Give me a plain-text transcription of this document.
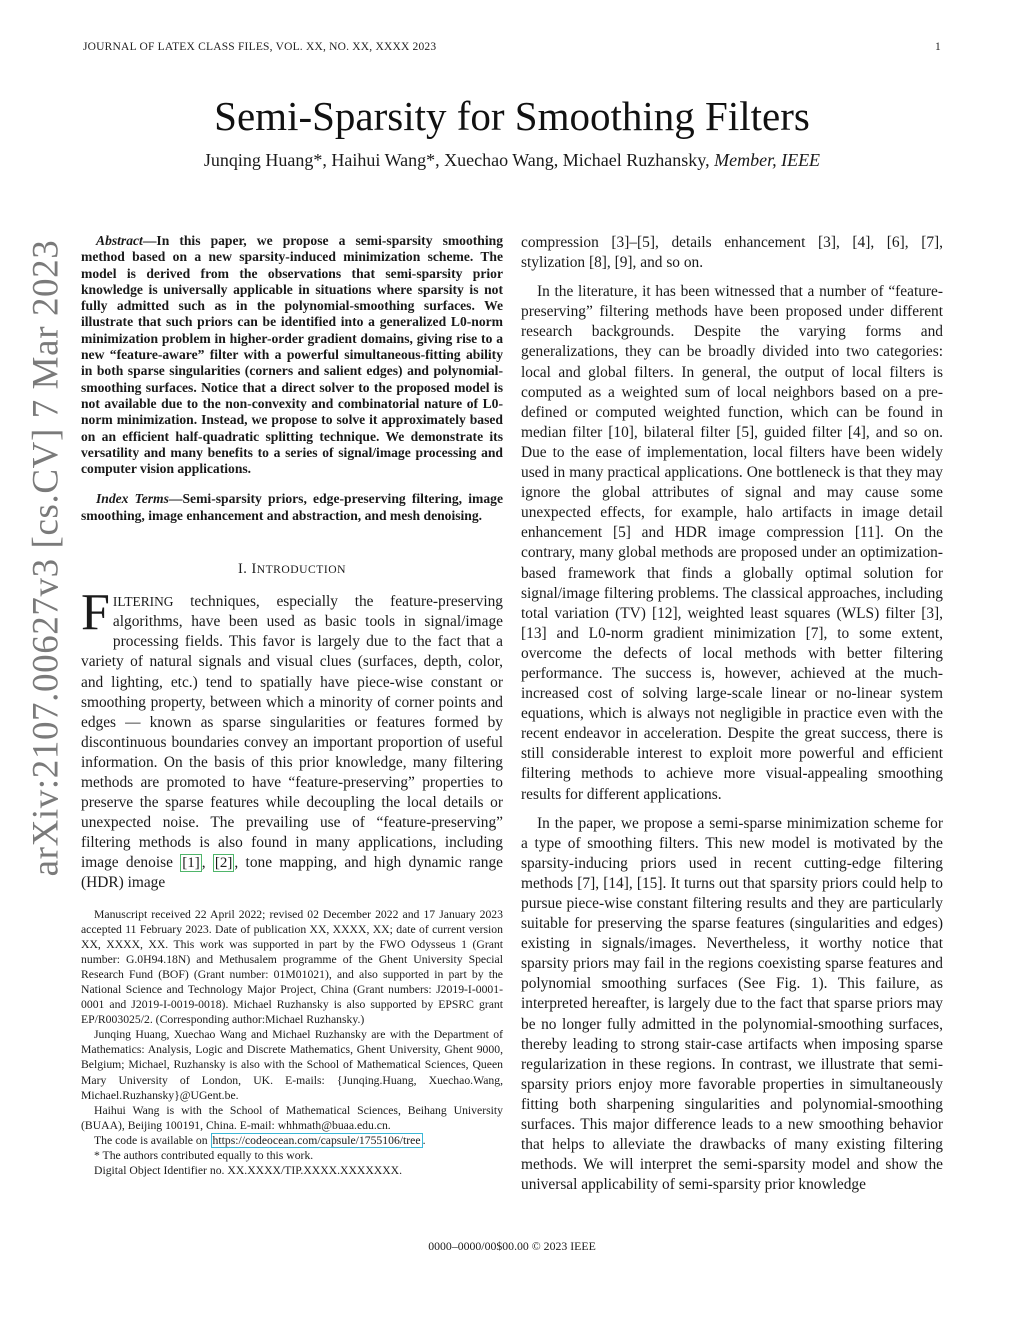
arXiv:2107.00627v3 [cs.CV] 7 Mar 2023
JOURNAL OF LATEX CLASS FILES, VOL. XX, NO. XX, XXXX 2023	1
Semi-Sparsity for Smoothing Filters
Junqing Huang*, Haihui Wang*, Xuechao Wang, Michael Ruzhansky, Member, IEEE

Abstract—In this paper, we propose a semi-sparsity smoothing method based on a new sparsity-induced minimization scheme. The model is derived from the observations that semi-sparsity prior knowledge is universally applicable in situations where sparsity is not fully admitted such as in the polynomial-smoothing surfaces. We illustrate that such priors can be identified into a generalized L0-norm minimization problem in higher-order gradient domains, giving rise to a new “feature-aware” filter with a powerful simultaneous-fitting ability in both sparse singularities (corners and salient edges) and polynomial-smoothing surfaces. Notice that a direct solver to the proposed model is not available due to the non-convexity and combinatorial nature of L0-norm minimization. Instead, we propose to solve it approximately based on an efficient half-quadratic splitting technique. We demonstrate its versatility and many benefits to a series of signal/image processing and computer vision applications.

Index Terms—Semi-sparsity priors, edge-preserving filtering, image smoothing, image enhancement and abstraction, and mesh denoising.

I. INTRODUCTION

FILTERING techniques, especially the feature-preserving algorithms, have been used as basic tools in signal/image processing fields. This favor is largely due to the fact that a variety of natural signals and visual clues (surfaces, depth, color, and lighting, etc.) tend to spatially have piece-wise constant or smoothing property, between which a minority of corner points and edges — known as sparse singularities or features formed by discontinuous boundaries convey an important proportion of useful information. On the basis of this prior knowledge, many filtering methods are promoted to have “feature-preserving” properties to preserve the sparse features while decoupling the local details or unexpected noise. The prevailing use of “feature-preserving” filtering methods is also found in many applications, including image denoise [1] , [2] , tone mapping, and high dynamic range (HDR) image

Manuscript received 22 April 2022; revised 02 December 2022 and 17 January 2023 accepted 11 February 2023. Date of publication XX, XXXX, XX; date of current version XX, XXXX, XX. This work was supported in part by the FWO Odysseus 1 (Grant number: G.0H94.18N) and Methusalem programme of the Ghent University Special Research Fund (BOF) (Grant number: 01M01021), and also supported in part by the National Science and Technology Major Project, China (Grant numbers: J2019-I-0001-0001 and J2019-I-0019-0018). Michael Ruzhansky is also supported by EPSRC grant EP/R003025/2. (Corresponding author:Michael Ruzhansky.)

Junqing Huang, Xuechao Wang and Michael Ruzhansky are with the Department of Mathematics: Analysis, Logic and Discrete Mathematics, Ghent University, Ghent 9000, Belgium; Michael, Ruzhansky is also with the School of Mathematical Sciences, Queen Mary University of London, UK. E-mails: {Junqing.Huang, Xuechao.Wang, Michael.Ruzhansky}@UGent.be.

Haihui Wang is with the School of Mathematical Sciences, Beihang University (BUAA), Beijing 100191, China. E-mail: whhmath@buaa.edu.cn.

The code is available on https://codeocean.com/capsule/1755106/tree .

* The authors contributed equally to this work.

Digital Object Identifier no. XX.XXXX/TIP.XXXX.XXXXXXX.

compression [3]–[5], details enhancement [3], [4], [6], [7], stylization [8], [9], and so on.

In the literature, it has been witnessed that a number of “feature-preserving” filtering methods have been proposed under different research backgrounds. Despite the varying forms and generalizations, they can be broadly divided into two categories: local and global filters. In general, the output of local filters is computed as a weighted sum of local neighbors based on a pre-defined or computed weighted function, which can be found in median filter [10], bilateral filter [5], guided filter [4], and so on. Due to the ease of implementation, local filters have been widely used in many practical applications. One bottleneck is that they may ignore the global attributes of signal and may cause some unexpected effects, for example, halo artifacts in image detail enhancement [5] and HDR image compression [11]. On the contrary, many global methods are proposed under an optimization-based framework that finds a globally optimal solution for signal/image filtering problems. The classical approaches, including total variation (TV) [12], weighted least squares (WLS) filter [3], [13] and L0-norm gradient minimization [7], to some extent, overcome the defects of local methods with better filtering performance. The success is, however, achieved at the much-increased cost of solving large-scale linear or no-linear system equations, which is always not negligible in practice even with the recent endeavor in acceleration. Despite the great success, there is still considerable interest to exploit more powerful and efficient filtering methods to achieve more visual-appealing smoothing results for different applications.

In the paper, we propose a semi-sparse minimization scheme for a type of smoothing filters. This new model is motivated by the sparsity-inducing priors used in recent cutting-edge filtering methods [7], [14], [15]. It turns out that sparsity priors could help to pursue piece-wise constant filtering results and they are particularly suitable for preserving the sparse features (singularities and edges) existing in signals/images. Nevertheless, it worthy notice that sparsity priors may fail in the regions coexisting sparse features and polynomial smoothing surfaces (See Fig. 1). This failure, as interpreted hereafter, is largely due to the fact that sparse priors may be no longer fully admitted in the polynomial-smoothing surfaces, thereby leading to strong stair-case artifacts when imposing sparse regularization in these regions. In contrast, we illustrate that semi-sparsity priors enjoy more favorable properties in simultaneously fitting both sharpening singularities and polynomial-smoothing surfaces. This major difference leads to a new smoothing behavior that helps to alleviate the drawbacks of many existing filtering methods. We will interpret the semi-sparsity model and show the universal applicability of semi-sparsity prior knowledge

0000–0000/00$00.00 © 2023 IEEE
